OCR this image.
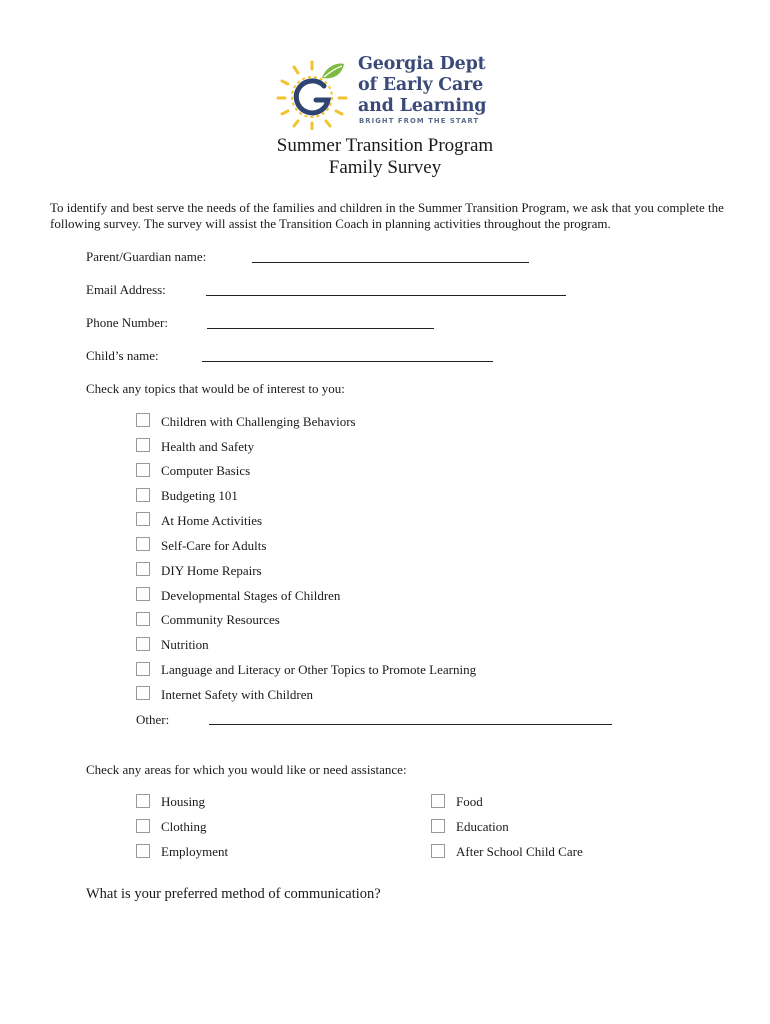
Georgia Dept
of Early Care
and Learning
BRIGHT FROM THE START
Summer Transition Program
Family Survey
To identify and best serve the needs of the families and children in the Summer Transition Program, we ask that you complete the following survey. The survey will assist the Transition Coach in planning activities throughout the program.
Parent/Guardian name:
Email Address:
Phone Number:
Child’s name:
Check any topics that would be of interest to you:
Children with Challenging Behaviors
Health and Safety
Computer Basics
Budgeting 101
At Home Activities
Self-Care for Adults
DIY Home Repairs
Developmental Stages of Children
Community Resources
Nutrition
Language and Literacy or Other Topics to Promote Learning
Internet Safety with Children
Other:
Check any areas for which you would like or need assistance:
Housing
Clothing
Employment
Food
Education
After School Child Care
What is your preferred method of communication?
